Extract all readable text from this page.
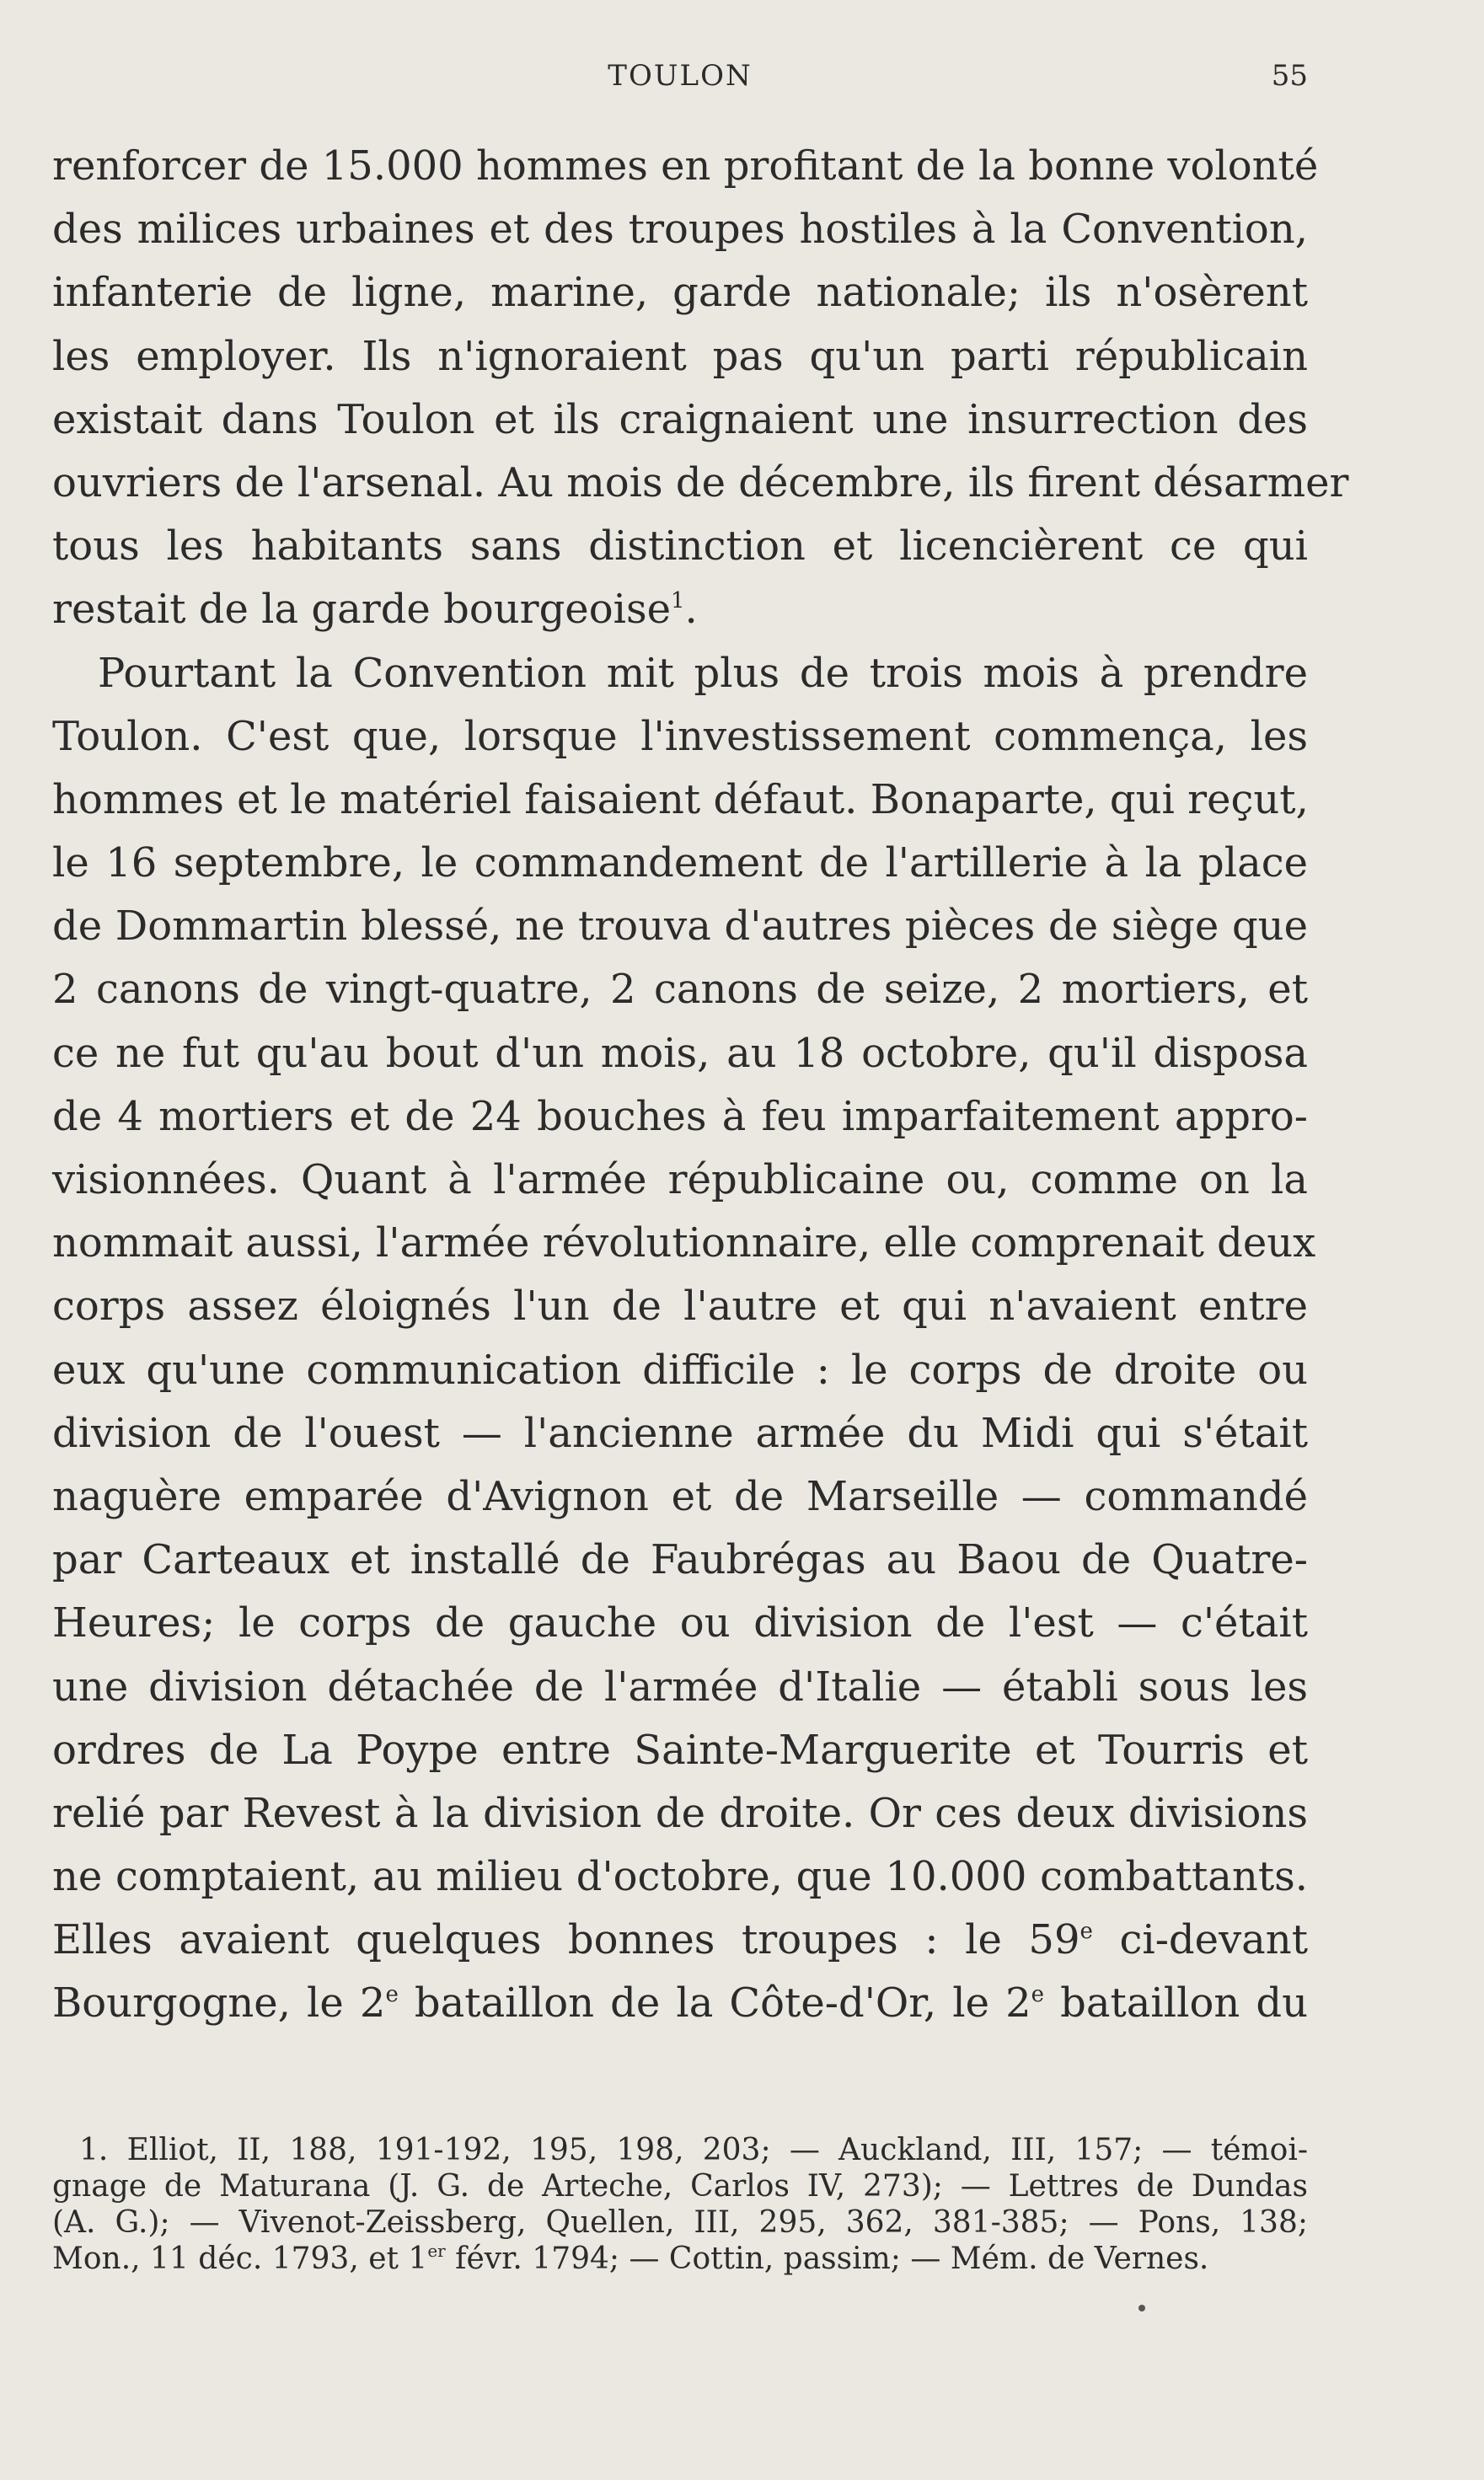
TOULON	55
renforcer de 15.000 hommes en profitant de la bonne volonté
des milices urbaines et des troupes hostiles à la Convention,
infanterie de ligne, marine, garde nationale; ils n'osèrent
les employer. Ils n'ignoraient pas qu'un parti républicain
existait dans Toulon et ils craignaient une insurrection des
ouvriers de l'arsenal. Au mois de décembre, ils firent désarmer
tous les habitants sans distinction et licencièrent ce qui
restait de la garde bourgeoise$^1$.
Pourtant la Convention mit plus de trois mois à prendre
Toulon. C'est que, lorsque l'investissement commença, les
hommes et le matériel faisaient défaut. Bonaparte, qui reçut,
le 16 septembre, le commandement de l'artillerie à la place
de Dommartin blessé, ne trouva d'autres pièces de siège que
2 canons de vingt-quatre, 2 canons de seize, 2 mortiers, et
ce ne fut qu'au bout d'un mois, au 18 octobre, qu'il disposa
de 4 mortiers et de 24 bouches à feu imparfaitement appro-
visionnées. Quant à l'armée républicaine ou, comme on la
nommait aussi, l'armée révolutionnaire, elle comprenait deux
corps assez éloignés l'un de l'autre et qui n'avaient entre
eux qu'une communication difficile : le corps de droite ou
division de l'ouest — l'ancienne armée du Midi qui s'était
naguère emparée d'Avignon et de Marseille — commandé
par Carteaux et installé de Faubrégas au Baou de Quatre-
Heures; le corps de gauche ou division de l'est — c'était
une division détachée de l'armée d'Italie — établi sous les
ordres de La Poype entre Sainte-Marguerite et Tourris et
relié par Revest à la division de droite. Or ces deux divisions
ne comptaient, au milieu d'octobre, que 10.000 combattants.
Elles avaient quelques bonnes troupes : le 59e ci-devant
Bourgogne, le 2e bataillon de la Côte-d'Or, le 2e bataillon du
1. Elliot, II, 188, 191-192, 195, 198, 203; — Auckland, III, 157; — témoi-
gnage de Maturana (J. G. de Arteche, Carlos IV, 273); — Lettres de Dundas
(A. G.); — Vivenot-Zeissberg, Quellen, III, 295, 362, 381-385; — Pons, 138;
Mon., 11 déc. 1793, et 1er févr. 1794; — Cottin, passim; — Mém. de Vernes.
